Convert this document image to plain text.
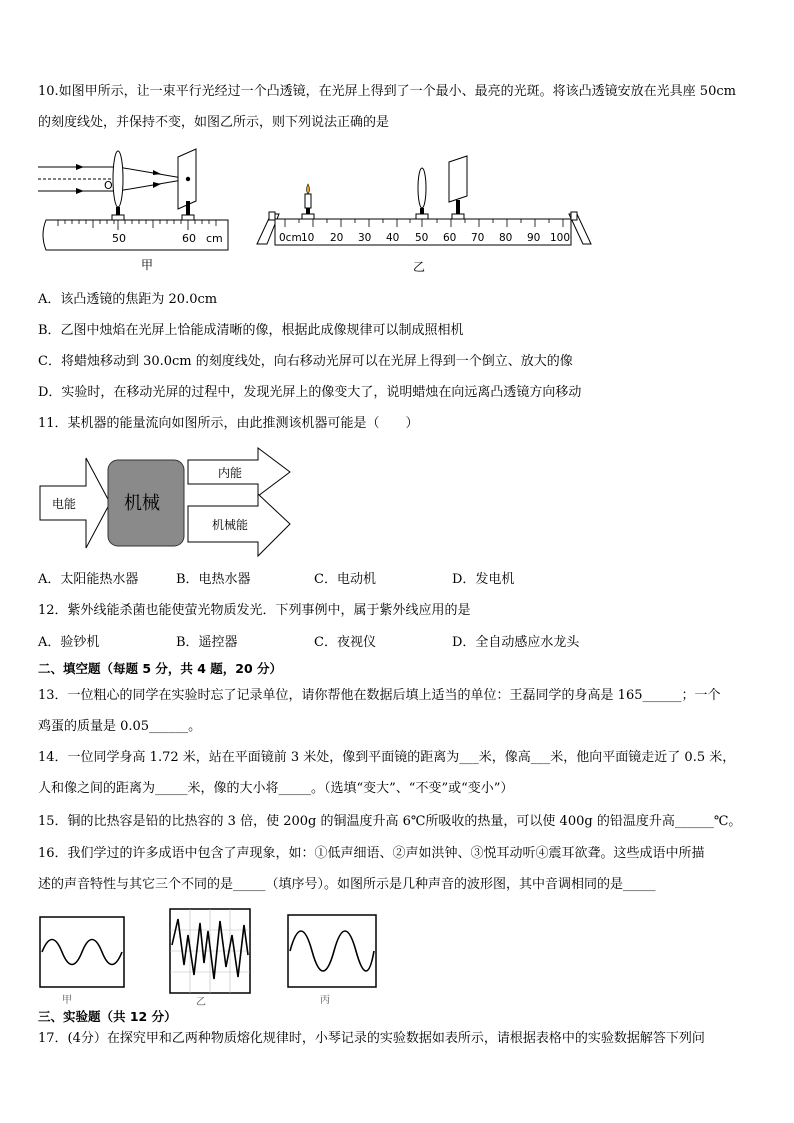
10.如图甲所示，让一束平行光经过一个凸透镜，在光屏上得到了一个最小、最亮的光斑。将该凸透镜安放在光具座 50cm
的刻度线处，并保持不变，如图乙所示，则下列说法正确的是
O
50	60 cm
甲
0cm 10 20 30 40 50 60 70 80 90 100
乙
A．该凸透镜的焦距为 20.0cm
B．乙图中烛焰在光屏上恰能成清晰的像，根据此成像规律可以制成照相机
C．将蜡烛移动到 30.0cm 的刻度线处，向右移动光屏可以在光屏上得到一个倒立、放大的像
D．实验时，在移动光屏的过程中，发现光屏上的像变大了，说明蜡烛在向远离凸透镜方向移动
11．某机器的能量流向如图所示，由此推测该机器可能是（　　）
电能	机械
内能
机械能
A．太阳能热水器	B．电热水器	C．电动机	D．发电机
12．紫外线能杀菌也能使萤光物质发光．下列事例中，属于紫外线应用的是
A．验钞机	B．遥控器	C．夜视仪	D．全自动感应水龙头
二、填空题（每题 5 分，共 4 题，20 分）
13．一位粗心的同学在实验时忘了记录单位，请你帮他在数据后填上适当的单位：王磊同学的身高是 165______；一个
鸡蛋的质量是 0.05______。
14．一位同学身高 1.72 米，站在平面镜前 3 米处，像到平面镜的距离为___米，像高___米，他向平面镜走近了 0.5 米，
人和像之间的距离为_____米，像的大小将_____。（选填“变大”、“不变”或“变小”）
15．铜的比热容是铅的比热容的 3 倍，使 200g 的铜温度升高 6℃所吸收的热量，可以使 400g 的铅温度升高______℃。
16．我们学过的许多成语中包含了声现象，如：①低声细语、②声如洪钟、③悦耳动听④震耳欲聋。这些成语中所描
述的声音特性与其它三个不同的是_____（填序号）。如图所示是几种声音的波形图，其中音调相同的是_____
甲	乙	丙
三、实验题（共 12 分）
17．(4分）在探究甲和乙两种物质熔化规律时，小琴记录的实验数据如表所示，请根据表格中的实验数据解答下列问
